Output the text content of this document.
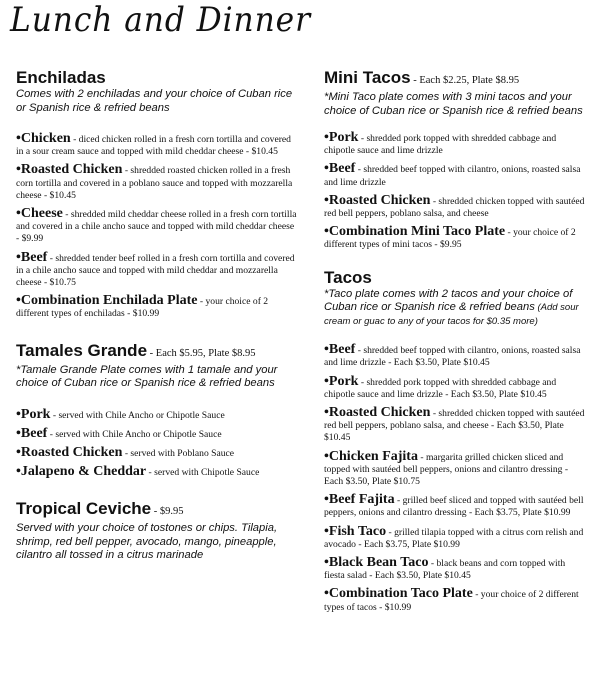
Lunch and Dinner
Enchiladas
Comes with 2 enchiladas and your choice of Cuban rice or Spanish rice & refried beans
•Chicken - diced chicken rolled in a fresh corn tortilla and covered in a sour cream sauce and topped with mild cheddar cheese - $10.45
•Roasted Chicken - shredded roasted chicken rolled in a fresh corn tortilla and covered in a poblano sauce and topped with mozzarella cheese - $10.45
•Cheese - shredded mild cheddar cheese rolled in a fresh corn tortilla and covered in a chile ancho sauce and topped with mild cheddar cheese - $9.99
•Beef - shredded tender beef rolled in a fresh corn tortilla and covered in a chile ancho sauce and topped with mild cheddar and mozzarella cheese - $10.75
•Combination Enchilada Plate - your choice of 2 different types of enchiladas - $10.99
Tamales Grande - Each $5.95, Plate $8.95
*Tamale Grande Plate comes with 1 tamale and your choice of Cuban rice or Spanish rice & refried beans
•Pork - served with Chile Ancho or Chipotle Sauce
•Beef - served with Chile Ancho or Chipotle Sauce
•Roasted Chicken - served with Poblano Sauce
•Jalapeno & Cheddar - served with Chipotle Sauce
Tropical Ceviche - $9.95
Served with your choice of tostones or chips. Tilapia, shrimp, red bell pepper, avocado, mango, pineapple, cilantro all tossed in a citrus marinade
Mini Tacos - Each $2.25, Plate $8.95
*Mini Taco plate comes with 3 mini tacos and your choice of Cuban rice or Spanish rice & refried beans
•Pork - shredded pork topped with shredded cabbage and chipotle sauce and lime drizzle
•Beef - shredded beef topped with cilantro, onions, roasted salsa and lime drizzle
•Roasted Chicken - shredded chicken topped with sautéed red bell peppers, poblano salsa, and cheese
•Combination Mini Taco Plate - your choice of 2 different types of mini tacos - $9.95
Tacos
*Taco plate comes with 2 tacos and your choice of Cuban rice or Spanish rice & refried beans (Add sour cream or guac to any of your tacos for $0.35 more)
•Beef - shredded beef topped with cilantro, onions, roasted salsa and lime drizzle - Each $3.50, Plate $10.45
•Pork - shredded pork topped with shredded cabbage and chipotle sauce and lime drizzle - Each $3.50, Plate $10.45
•Roasted Chicken - shredded chicken topped with sautéed red bell peppers, poblano salsa, and cheese - Each $3.50, Plate $10.45
•Chicken Fajita - margarita grilled chicken sliced and topped with sautéed bell peppers, onions and cilantro dressing - Each $3.50, Plate $10.75
•Beef Fajita - grilled beef sliced and topped with sautéed bell peppers, onions and cilantro dressing - Each $3.75, Plate $10.99
•Fish Taco - grilled tilapia topped with a citrus corn relish and avocado - Each $3.75, Plate $10.99
•Black Bean Taco - black beans and corn topped with fiesta salad - Each $3.50, Plate $10.45
•Combination Taco Plate - your choice of 2 different types of tacos - $10.99
